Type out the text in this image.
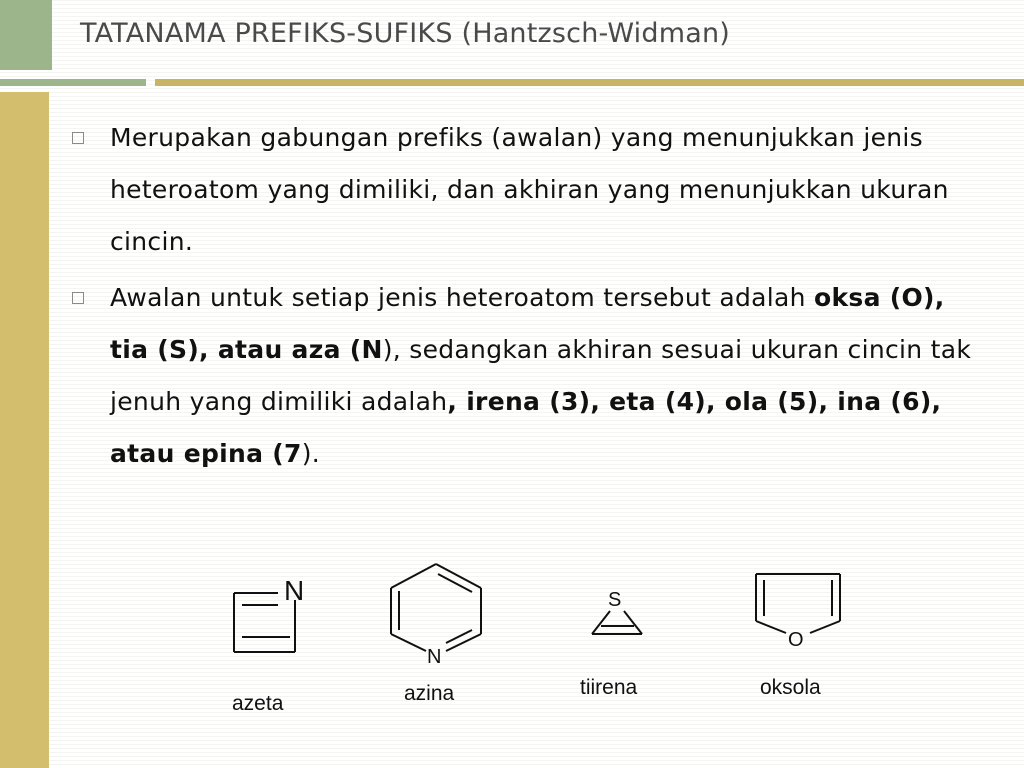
TATANAMA PREFIKS-SUFIKS (Hantzsch-Widman)
Merupakan gabungan prefiks (awalan) yang menunjukkan jenis heteroatom yang dimiliki, dan akhiran yang menunjukkan ukuran cincin.
Awalan untuk setiap jenis heteroatom tersebut adalah oksa (O), tia (S), atau aza (N), sedangkan akhiran sesuai ukuran cincin tak jenuh yang dimiliki adalah, irena (3), eta (4), ola (5), ina (6), atau epina (7).
N
azeta
N
azina
S
tiirena
O
oksola
